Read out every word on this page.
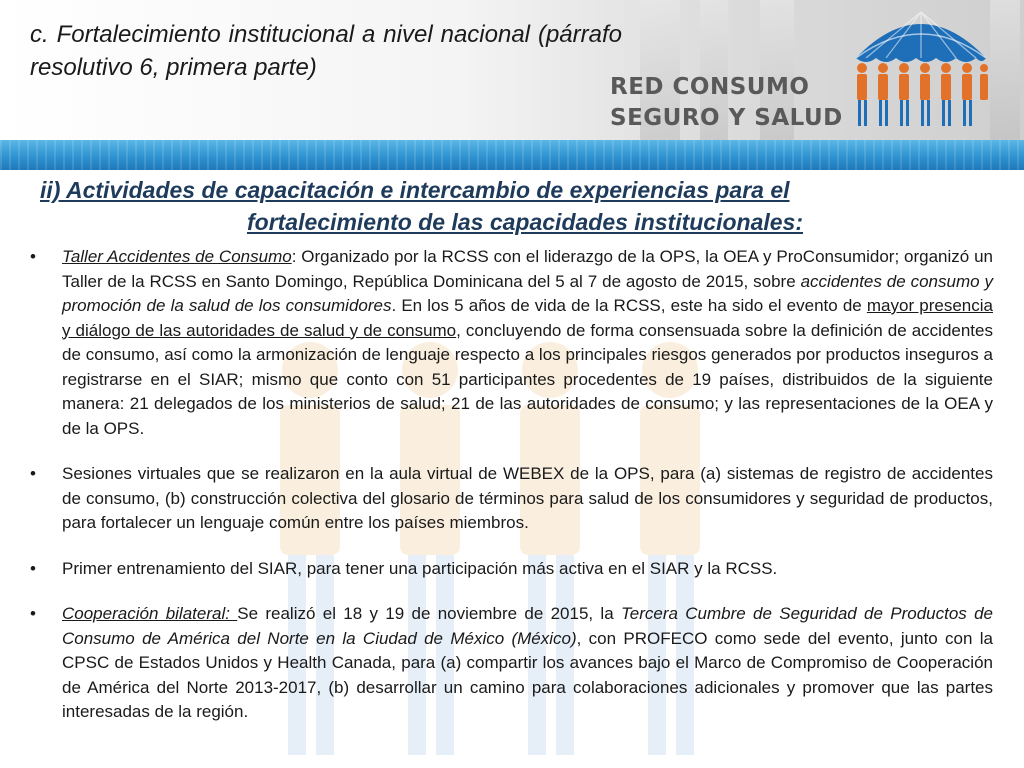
c. Fortalecimiento institucional a nivel nacional (párrafo resolutivo 6, primera parte)

RED CONSUMO
SEGURO Y SALUD

ii) Actividades de capacitación e intercambio de experiencias para el
fortalecimiento de las capacidades institucionales:

• Taller Accidentes de Consumo: Organizado por la RCSS con el liderazgo de la OPS, la OEA y ProConsumidor; organizó un Taller de la RCSS en Santo Domingo, República Dominicana del 5 al 7 de agosto de 2015, sobre accidentes de consumo y promoción de la salud de los consumidores. En los 5 años de vida de la RCSS, este ha sido el evento de mayor presencia y diálogo de las autoridades de salud y de consumo, concluyendo de forma consensuada sobre la definición de accidentes de consumo, así como la armonización de lenguaje respecto a los principales riesgos generados por productos inseguros a registrarse en el SIAR; mismo que conto con 51 participantes procedentes de 19 países, distribuidos de la siguiente manera: 21 delegados de los ministerios de salud; 21 de las autoridades de consumo; y las representaciones de la OEA y de la OPS.

• Sesiones virtuales que se realizaron en la aula virtual de WEBEX de la OPS, para (a) sistemas de registro de accidentes de consumo, (b) construcción colectiva del glosario de términos para salud de los consumidores y seguridad de productos, para fortalecer un lenguaje común entre los países miembros.

• Primer entrenamiento del SIAR, para tener una participación más activa en el SIAR y la RCSS.

• Cooperación bilateral: Se realizó el 18 y 19 de noviembre de 2015, la Tercera Cumbre de Seguridad de Productos de Consumo de América del Norte en la Ciudad de México (México), con PROFECO como sede del evento, junto con la CPSC de Estados Unidos y Health Canada, para (a) compartir los avances bajo el Marco de Compromiso de Cooperación de América del Norte 2013-2017, (b) desarrollar un camino para colaboraciones adicionales y promover que las partes interesadas de la región.
